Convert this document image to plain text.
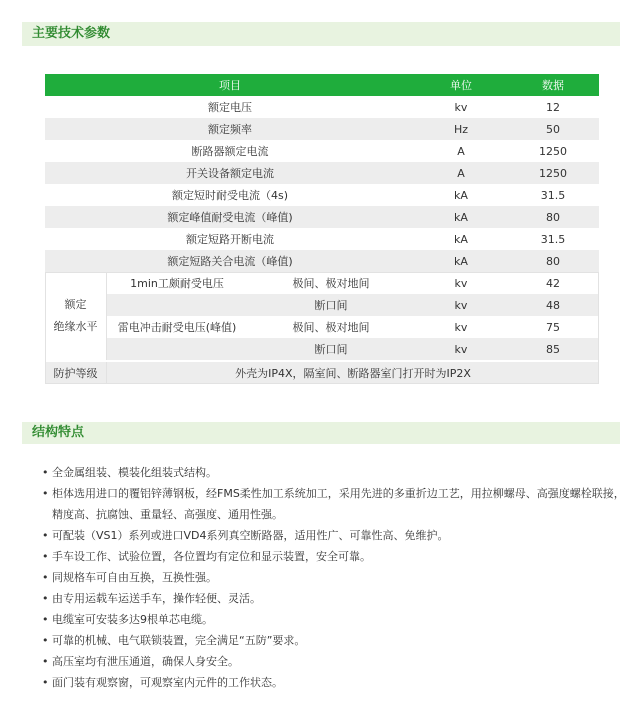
主要技术参数
项目	单位	数据
额定电压	kv	12
额定频率	Hz	50
断路器额定电流	A	1250
开关设备额定电流	A	1250
额定短时耐受电流（4s)	kA	31.5
额定峰值耐受电流（峰值)	kA	80
额定短路开断电流	kA	31.5
额定短路关合电流（峰值)	kA	80
额定
绝缘水平
1min工颇耐受电压	极间、极对地间	kv	42
断口间	kv	48
雷电冲击耐受电压(峰值)	极间、极对地间	kv	75
断口间	kv	85
防护等级	外壳为IP4X，隔室间、断路器室门打开时为IP2X
结构特点
• 全金属组装、模装化组装式结构。
• 柜体选用进口的覆铝锌薄钢板，经FMS柔性加工系统加工，采用先进的多重折边工艺，用拉柳螺母、高强度螺栓联接，
精度高、抗腐蚀、重量轻、高强度、通用性强。
• 可配装（VS1）系列或进口VD4系列真空断路器，适用性广、可靠性高、免维护。
• 手车设工作、试验位置，各位置均有定位和显示装置，安全可靠。
• 同规格车可自由互换，互换性强。
• 由专用运载车运送手车，操作轻便、灵活。
• 电缆室可安装多达9根单芯电缆。
• 可靠的机械、电气联锁装置，完全满足“五防”要求。
• 高压室均有泄压通道，确保人身安全。
• 面门装有观察窗，可观察室内元件的工作状态。
